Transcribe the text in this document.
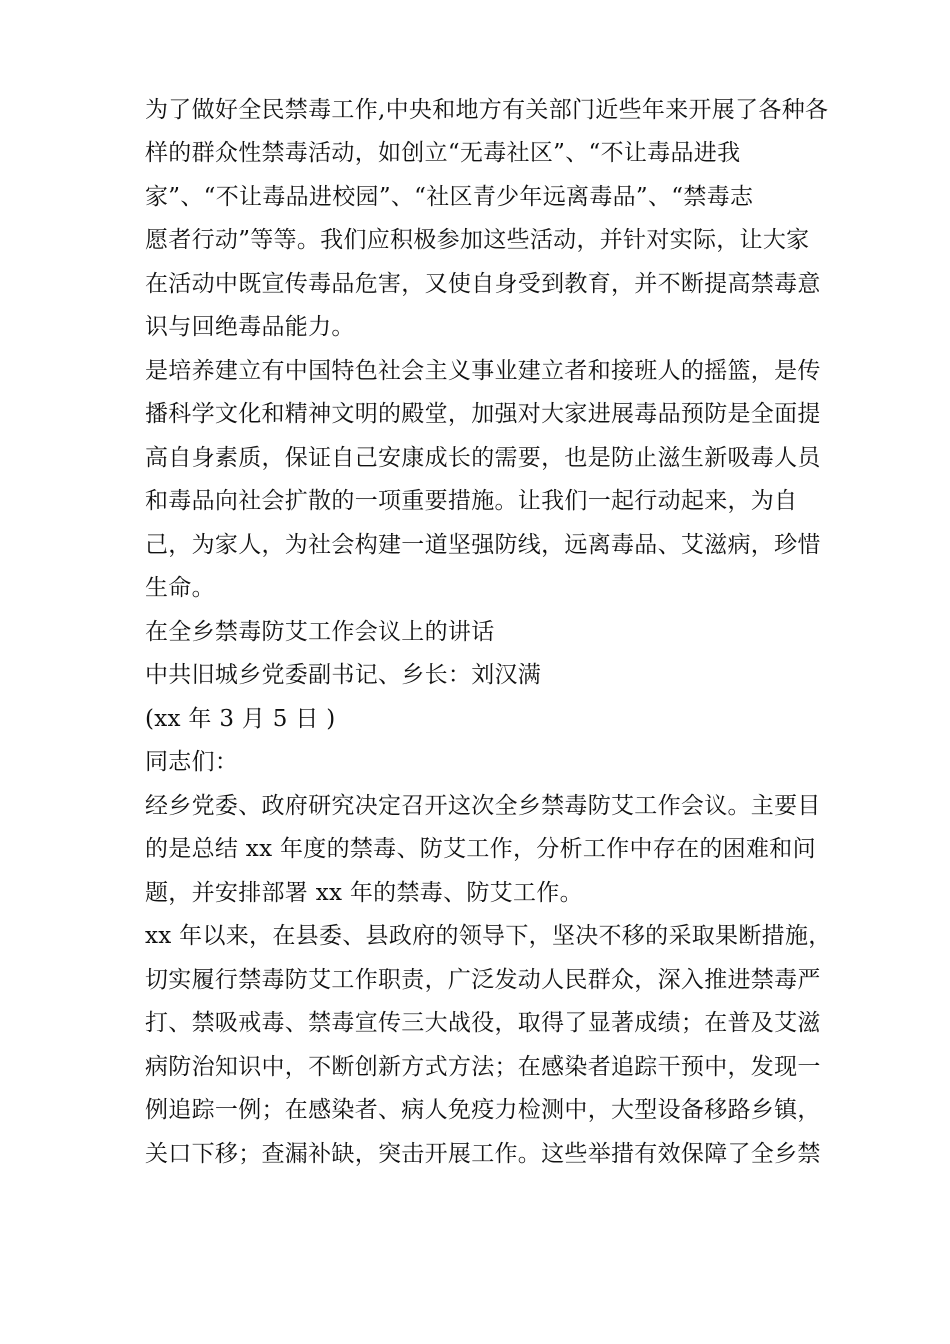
为了做好全民禁毒工作,中央和地方有关部门近些年来开展了各种各
样的群众性禁毒活动，如创立“无毒社区”、“不让毒品进我
家”、“不让毒品进校园”、“社区青少年远离毒品”、“禁毒志
愿者行动”等等。我们应积极参加这些活动，并针对实际，让大家
在活动中既宣传毒品危害，又使自身受到教育，并不断提高禁毒意
识与回绝毒品能力。
是培养建立有中国特色社会主义事业建立者和接班人的摇篮，是传
播科学文化和精神文明的殿堂，加强对大家进展毒品预防是全面提
高自身素质，保证自己安康成长的需要，也是防止滋生新吸毒人员
和毒品向社会扩散的一项重要措施。让我们一起行动起来，为自
己，为家人，为社会构建一道坚强防线，远离毒品、艾滋病，珍惜
生命。
在全乡禁毒防艾工作会议上的讲话
中共旧城乡党委副书记、乡长：刘汉满
(xx 年 3 月 5 日 )
同志们：
经乡党委、政府研究决定召开这次全乡禁毒防艾工作会议。主要目
的是总结 xx 年度的禁毒、防艾工作，分析工作中存在的困难和问
题，并安排部署 xx 年的禁毒、防艾工作。
xx 年以来，在县委、县政府的领导下，坚决不移的采取果断措施，
切实履行禁毒防艾工作职责，广泛发动人民群众，深入推进禁毒严
打、禁吸戒毒、禁毒宣传三大战役，取得了显著成绩；在普及艾滋
病防治知识中，不断创新方式方法；在感染者追踪干预中，发现一
例追踪一例；在感染者、病人免疫力检测中，大型设备移路乡镇，
关口下移；查漏补缺，突击开展工作。这些举措有效保障了全乡禁
